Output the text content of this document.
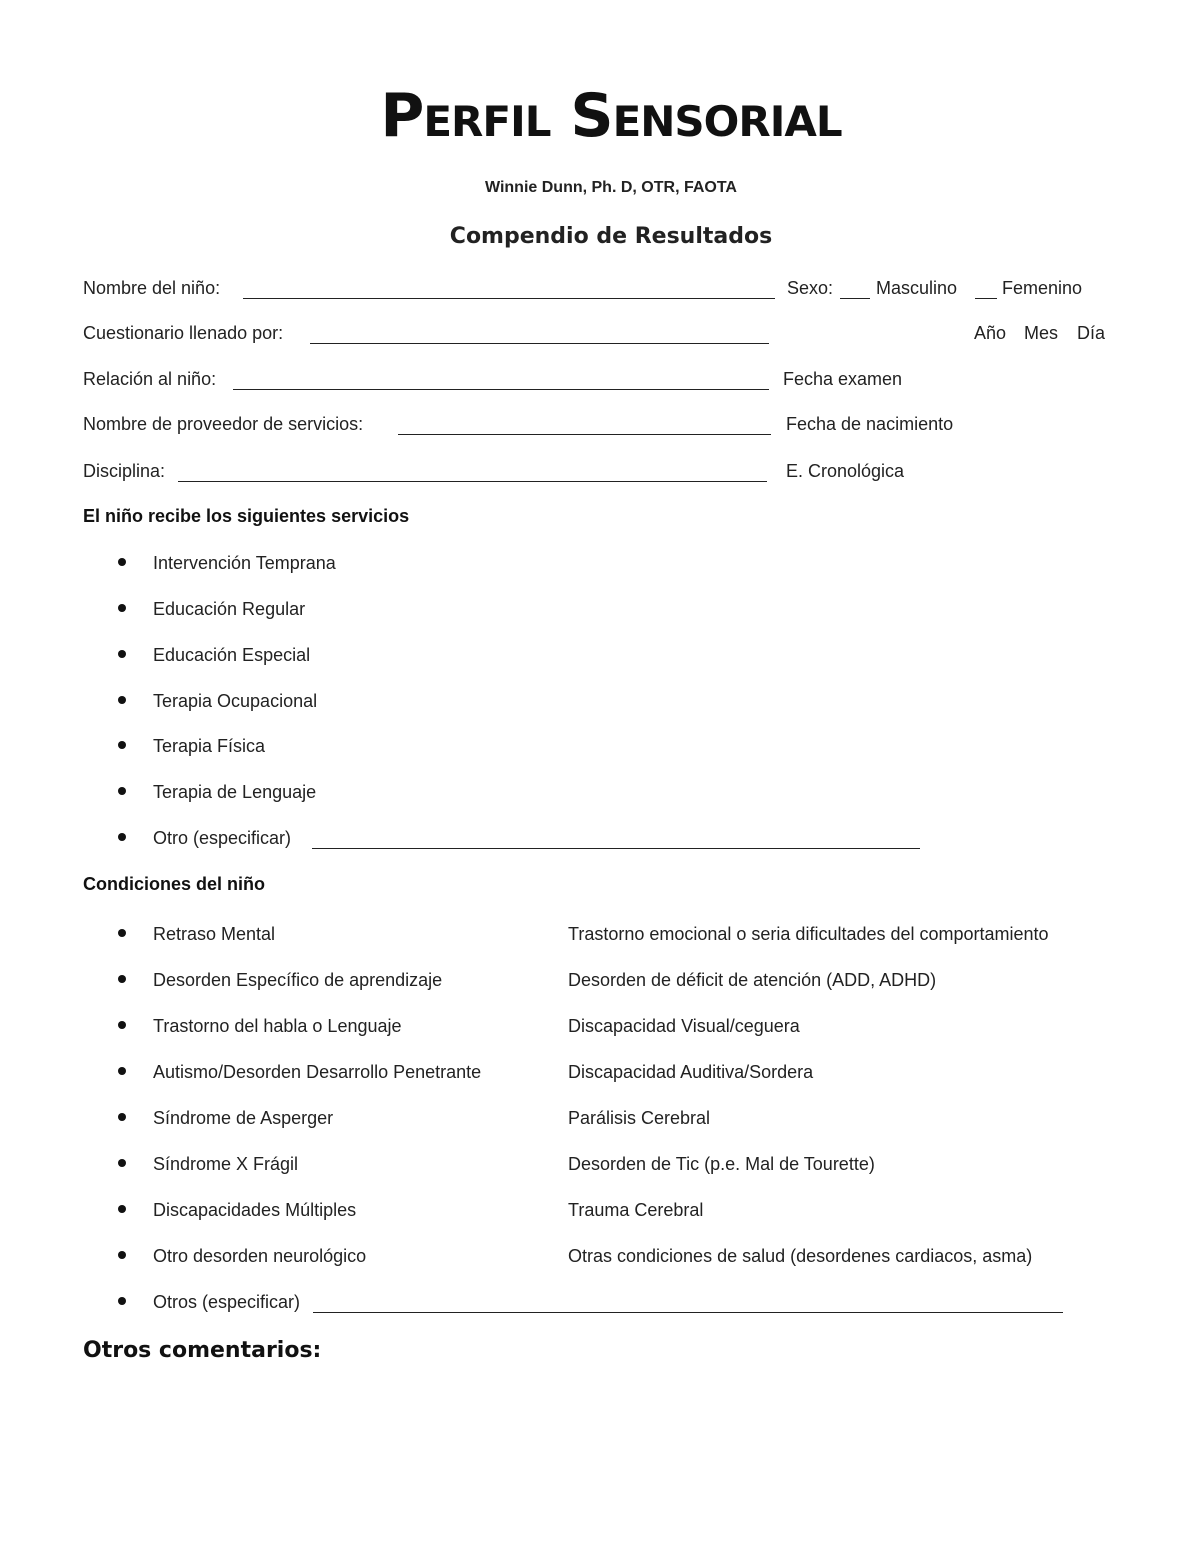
Perfil Sensorial
Winnie Dunn, Ph. D, OTR, FAOTA
Compendio de Resultados
Nombre del niño:	Sexo: Masculino Femenino
Cuestionario llenado por:	Año Mes Día
Relación al niño:	Fecha examen
Nombre de proveedor de servicios:	Fecha de nacimiento
Disciplina:	E. Cronológica
El niño recibe los siguientes servicios
Intervención Temprana
Educación Regular
Educación Especial
Terapia Ocupacional
Terapia Física
Terapia de Lenguaje
Otro (especificar)
Condiciones del niño
Retraso Mental	Trastorno emocional o seria dificultades del comportamiento
Desorden Específico de aprendizaje	Desorden de déficit de atención (ADD, ADHD)
Trastorno del habla o Lenguaje	Discapacidad Visual/ceguera
Autismo/Desorden Desarrollo Penetrante	Discapacidad Auditiva/Sordera
Síndrome de Asperger	Parálisis Cerebral
Síndrome X Frágil	Desorden de Tic (p.e. Mal de Tourette)
Discapacidades Múltiples	Trauma Cerebral
Otro desorden neurológico	Otras condiciones de salud (desordenes cardiacos, asma)
Otros (especificar)
Otros comentarios:
